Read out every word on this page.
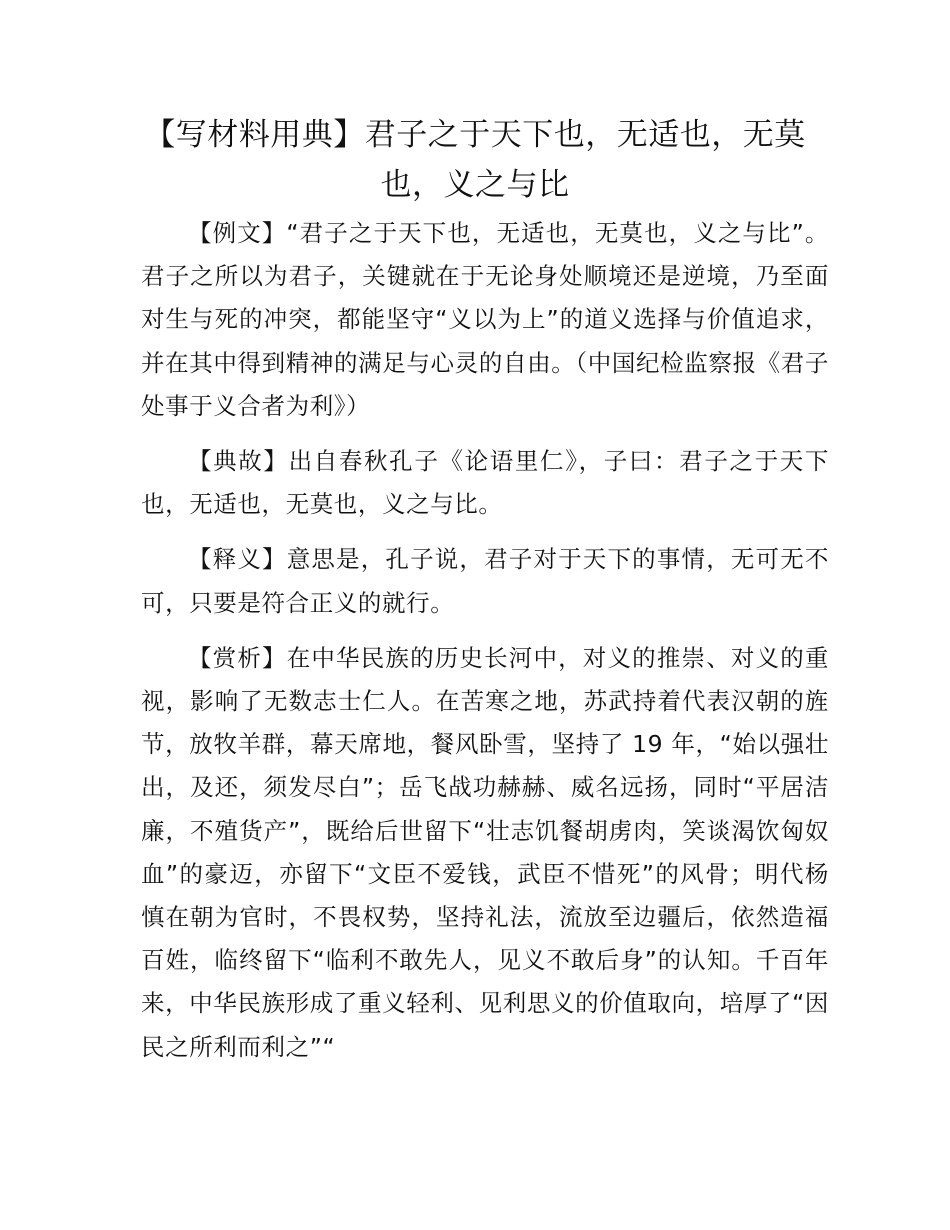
【写材料用典】君子之于天下也，无适也，无莫也，义之与比

【例文】“君子之于天下也，无适也，无莫也，义之与比”。君子之所以为君子，关键就在于无论身处顺境还是逆境，乃至面对生与死的冲突，都能坚守“义以为上”的道义选择与价值追求，并在其中得到精神的满足与心灵的自由。（中国纪检监察报《君子处事于义合者为利》）

【典故】出自春秋孔子《论语里仁》，子曰：君子之于天下也，无适也，无莫也，义之与比。

【释义】意思是，孔子说，君子对于天下的事情，无可无不可，只要是符合正义的就行。

【赏析】在中华民族的历史长河中，对义的推崇、对义的重视，影响了无数志士仁人。在苦寒之地，苏武持着代表汉朝的旌节，放牧羊群，幕天席地，餐风卧雪，坚持了 19 年，“始以强壮出，及还，须发尽白”；岳飞战功赫赫、威名远扬，同时“平居洁廉，不殖货产”，既给后世留下“壮志饥餐胡虏肉，笑谈渴饮匈奴血”的豪迈，亦留下“文臣不爱钱，武臣不惜死”的风骨；明代杨慎在朝为官时，不畏权势，坚持礼法，流放至边疆后，依然造福百姓，临终留下“临利不敢先人，见义不敢后身”的认知。千百年来，中华民族形成了重义轻利、见利思义的价值取向，培厚了“因民之所利而利之”“
